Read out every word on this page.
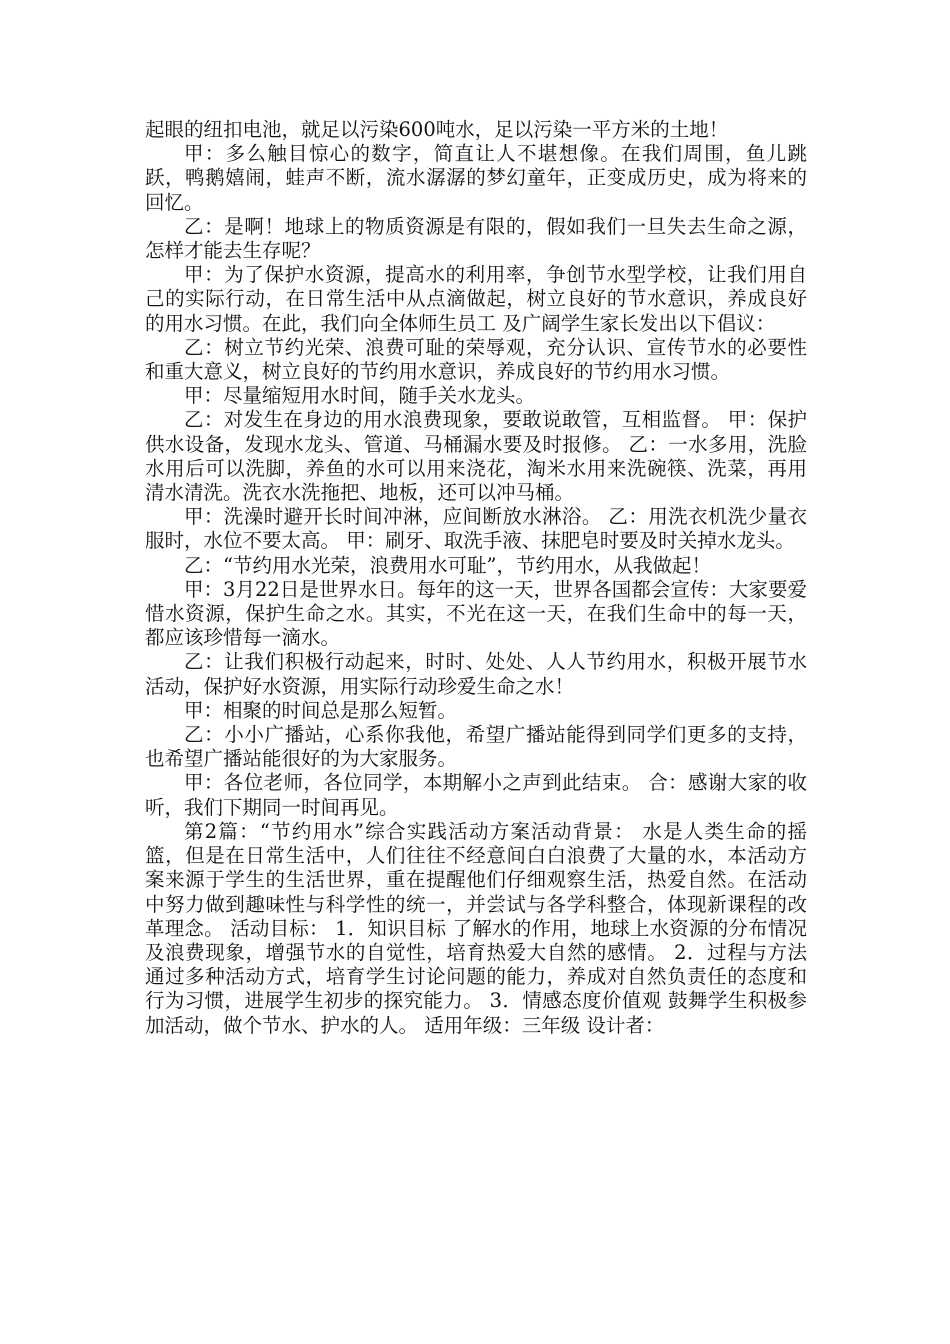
起眼的纽扣电池，就足以污染600吨水，足以污染一平方米的土地！

甲：多么触目惊心的数字，简直让人不堪想像。在我们周围，鱼儿跳跃，鸭鹅嬉闹，蛙声不断，流水潺潺的梦幻童年，正变成历史，成为将来的回忆。

乙：是啊！地球上的物质资源是有限的，假如我们一旦失去生命之源，怎样才能去生存呢？

甲：为了保护水资源，提高水的利用率，争创节水型学校，让我们用自己的实际行动，在日常生活中从点滴做起，树立良好的节水意识，养成良好的用水习惯。在此，我们向全体师生员工 及广阔学生家长发出以下倡议：

乙：树立节约光荣、浪费可耻的荣辱观，充分认识、宣传节水的必要性和重大意义，树立良好的节约用水意识，养成良好的节约用水习惯。

甲：尽量缩短用水时间，随手关水龙头。

乙：对发生在身边的用水浪费现象，要敢说敢管，互相监督。 甲：保护供水设备，发现水龙头、管道、马桶漏水要及时报修。 乙：一水多用，洗脸水用后可以洗脚，养鱼的水可以用来浇花，淘米水用来洗碗筷、洗菜，再用清水清洗。洗衣水洗拖把、地板，还可以冲马桶。

甲：洗澡时避开长时间冲淋，应间断放水淋浴。 乙：用洗衣机洗少量衣服时，水位不要太高。 甲：刷牙、取洗手液、抹肥皂时要及时关掉水龙头。

乙：“节约用水光荣，浪费用水可耻”，节约用水，从我做起！

甲：3月22日是世界水日。每年的这一天，世界各国都会宣传：大家要爱惜水资源，保护生命之水。其实，不光在这一天，在我们生命中的每一天，都应该珍惜每一滴水。

乙：让我们积极行动起来，时时、处处、人人节约用水，积极开展节水活动，保护好水资源，用实际行动珍爱生命之水！

甲：相聚的时间总是那么短暂。

乙：小小广播站，心系你我他，希望广播站能得到同学们更多的支持，也希望广播站能很好的为大家服务。

甲：各位老师，各位同学，本期解小之声到此结束。 合：感谢大家的收听，我们下期同一时间再见。

第2篇：“节约用水”综合实践活动方案活动背景： 水是人类生命的摇篮，但是在日常生活中，人们往往不经意间白白浪费了大量的水，本活动方案来源于学生的生活世界，重在提醒他们仔细观察生活，热爱自然。在活动中努力做到趣味性与科学性的统一，并尝试与各学科整合，体现新课程的改革理念。 活动目标： 1．知识目标 了解水的作用，地球上水资源的分布情况及浪费现象，增强节水的自觉性，培育热爱大自然的感情。 2．过程与方法 通过多种活动方式，培育学生讨论问题的能力，养成对自然负责任的态度和行为习惯，进展学生初步的探究能力。 3．情感态度价值观 鼓舞学生积极参加活动，做个节水、护水的人。 适用年级：三年级 设计者：
